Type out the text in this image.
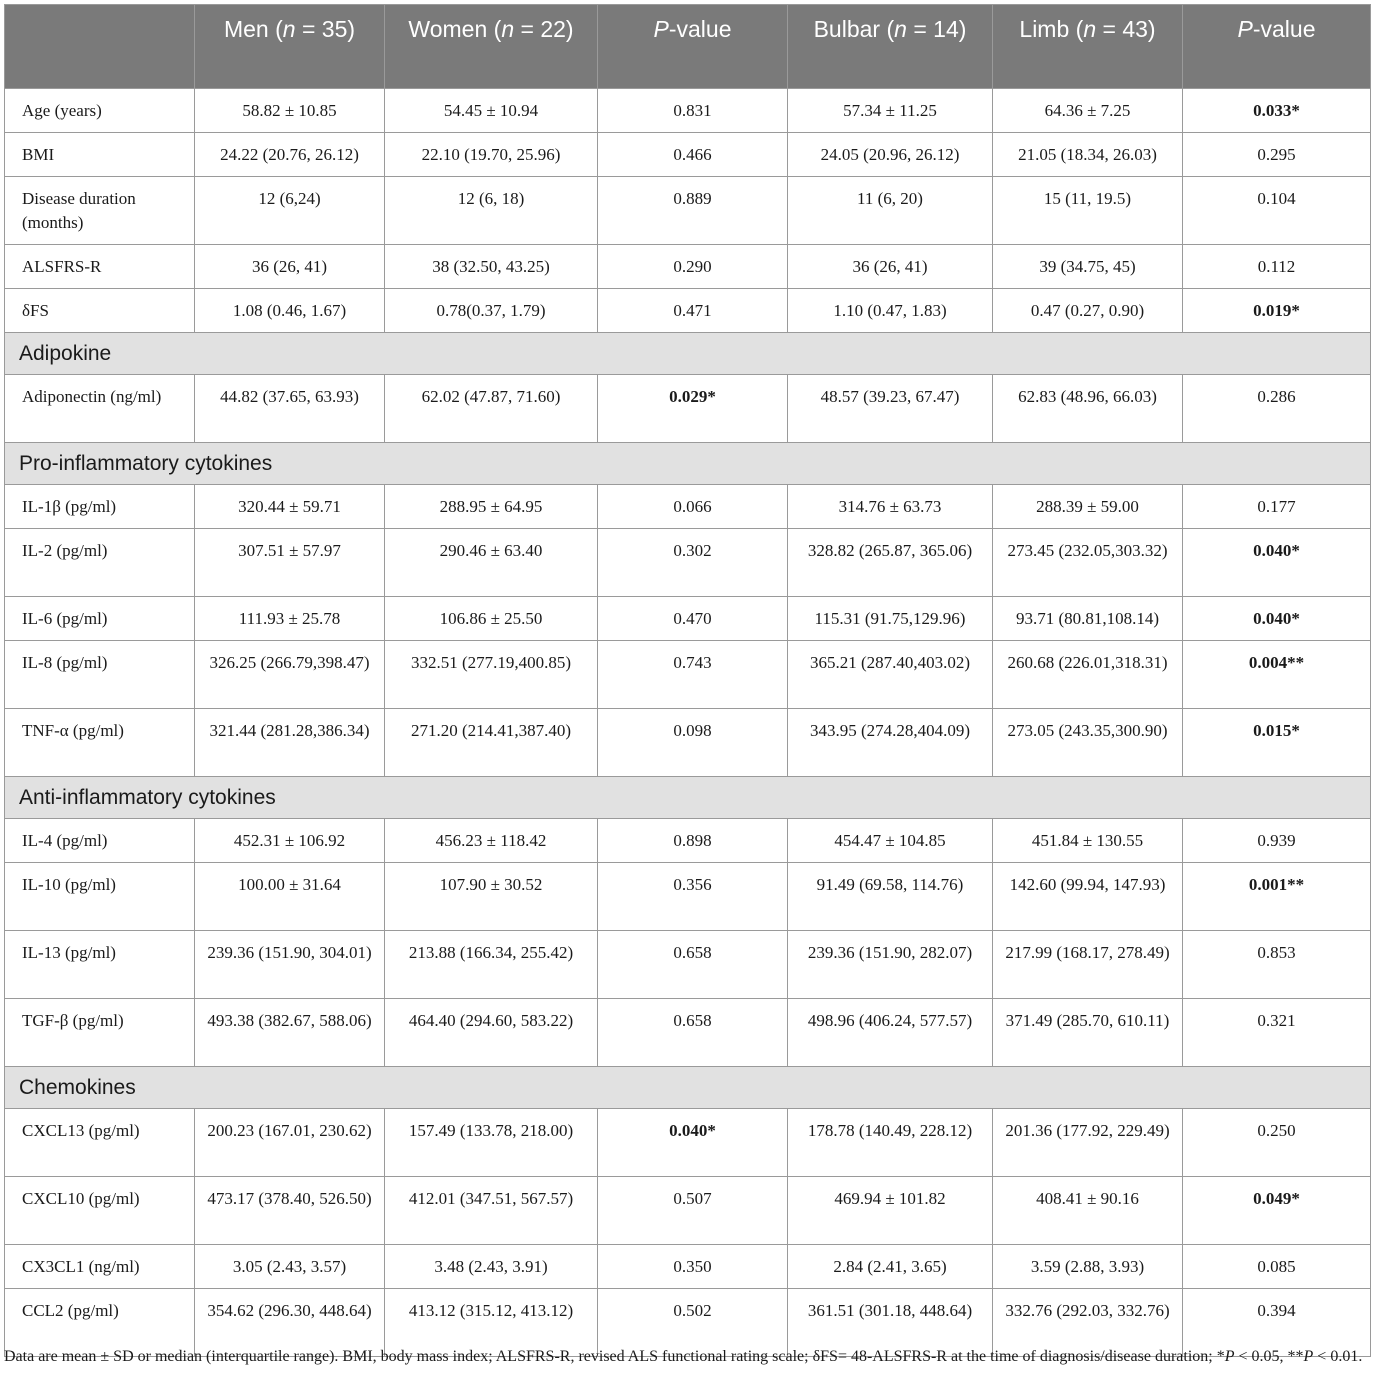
	Men (n = 35)	Women (n = 22)	P-value	Bulbar (n = 14)	Limb (n = 43)	P-value
Age (years)	58.82 ± 10.85	54.45 ± 10.94	0.831	57.34 ± 11.25	64.36 ± 7.25	0.033*
BMI	24.22 (20.76, 26.12)	22.10 (19.70, 25.96)	0.466	24.05 (20.96, 26.12)	21.05 (18.34, 26.03)	0.295
Disease duration (months)	12 (6,24)	12 (6, 18)	0.889	11 (6, 20)	15 (11, 19.5)	0.104
ALSFRS-R	36 (26, 41)	38 (32.50, 43.25)	0.290	36 (26, 41)	39 (34.75, 45)	0.112
δFS	1.08 (0.46, 1.67)	0.78(0.37, 1.79)	0.471	1.10 (0.47, 1.83)	0.47 (0.27, 0.90)	0.019*
Adipokine						
Adiponectin (ng/ml)	44.82 (37.65, 63.93)	62.02 (47.87, 71.60)	0.029*	48.57 (39.23, 67.47)	62.83 (48.96, 66.03)	0.286
Pro-inflammatory cytokines						
IL-1β (pg/ml)	320.44 ± 59.71	288.95 ± 64.95	0.066	314.76 ± 63.73	288.39 ± 59.00	0.177
IL-2 (pg/ml)	307.51 ± 57.97	290.46 ± 63.40	0.302	328.82 (265.87, 365.06)	273.45 (232.05,303.32)	0.040*
IL-6 (pg/ml)	111.93 ± 25.78	106.86 ± 25.50	0.470	115.31 (91.75,129.96)	93.71 (80.81,108.14)	0.040*
IL-8 (pg/ml)	326.25 (266.79,398.47)	332.51 (277.19,400.85)	0.743	365.21 (287.40,403.02)	260.68 (226.01,318.31)	0.004**
TNF-α (pg/ml)	321.44 (281.28,386.34)	271.20 (214.41,387.40)	0.098	343.95 (274.28,404.09)	273.05 (243.35,300.90)	0.015*
Anti-inflammatory cytokines						
IL-4 (pg/ml)	452.31 ± 106.92	456.23 ± 118.42	0.898	454.47 ± 104.85	451.84 ± 130.55	0.939
IL-10 (pg/ml)	100.00 ± 31.64	107.90 ± 30.52	0.356	91.49 (69.58, 114.76)	142.60 (99.94, 147.93)	0.001**
IL-13 (pg/ml)	239.36 (151.90, 304.01)	213.88 (166.34, 255.42)	0.658	239.36 (151.90, 282.07)	217.99 (168.17, 278.49)	0.853
TGF-β (pg/ml)	493.38 (382.67, 588.06)	464.40 (294.60, 583.22)	0.658	498.96 (406.24, 577.57)	371.49 (285.70, 610.11)	0.321
Chemokines						
CXCL13 (pg/ml)	200.23 (167.01, 230.62)	157.49 (133.78, 218.00)	0.040*	178.78 (140.49, 228.12)	201.36 (177.92, 229.49)	0.250
CXCL10 (pg/ml)	473.17 (378.40, 526.50)	412.01 (347.51, 567.57)	0.507	469.94 ± 101.82	408.41 ± 90.16	0.049*
CX3CL1 (ng/ml)	3.05 (2.43, 3.57)	3.48 (2.43, 3.91)	0.350	2.84 (2.41, 3.65)	3.59 (2.88, 3.93)	0.085
CCL2 (pg/ml)	354.62 (296.30, 448.64)	413.12 (315.12, 413.12)	0.502	361.51 (301.18, 448.64)	332.76 (292.03, 332.76)	0.394
Data are mean ± SD or median (interquartile range). BMI, body mass index; ALSFRS-R, revised ALS functional rating scale; δFS= 48-ALSFRS-R at the time of diagnosis/disease duration; *P < 0.05, **P < 0.01.
